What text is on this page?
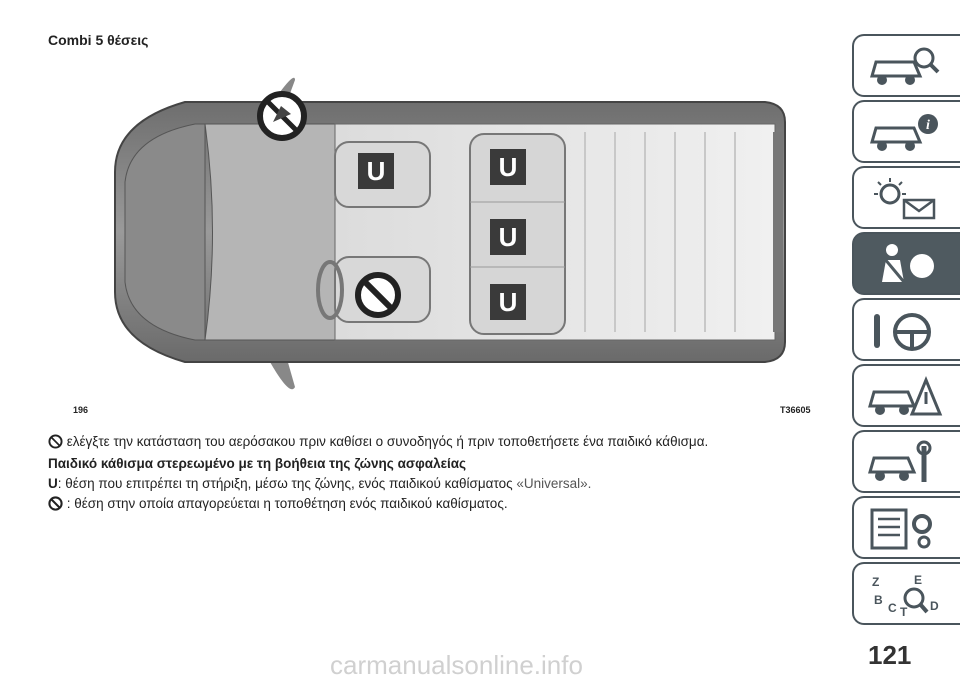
Combi 5 θέσεις
U	U
U
U
196	T36605
ελέγξτε την κατάσταση του αερόσακου πριν καθίσει ο συνοδηγός ή πριν τοποθετήσετε ένα παιδικό κάθισμα.
Παιδικό κάθισμα στερεωμένο με τη βοήθεια της ζώνης ασφαλείας
U: θέση που επιτρέπει τη στήριξη, μέσω της ζώνης, ενός παιδικού καθίσματος «Universal».
: θέση στην οποία απαγορεύεται η τοποθέτηση ενός παιδικού καθίσματος.
i
Z	E
B
C T D
121
carmanualsonline.info
